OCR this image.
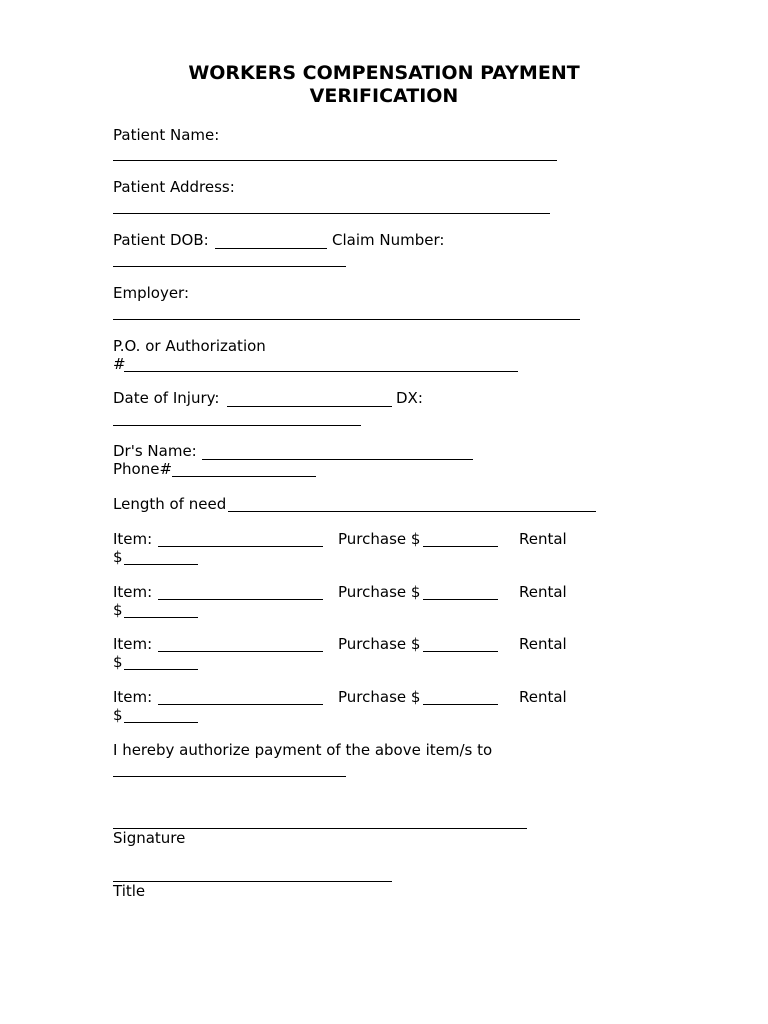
WORKERS COMPENSATION PAYMENT
VERIFICATION
Patient Name:
Patient Address:
Patient DOB:	Claim Number:
Employer:
P.O. or Authorization
#
Date of Injury:	DX:
Dr's Name:
Phone#
Length of need
Item:	Purchase $	Rental
$
Item:	Purchase $	Rental
$
Item:	Purchase $	Rental
$
Item:	Purchase $	Rental
$
I hereby authorize payment of the above item/s to
Signature
Title
